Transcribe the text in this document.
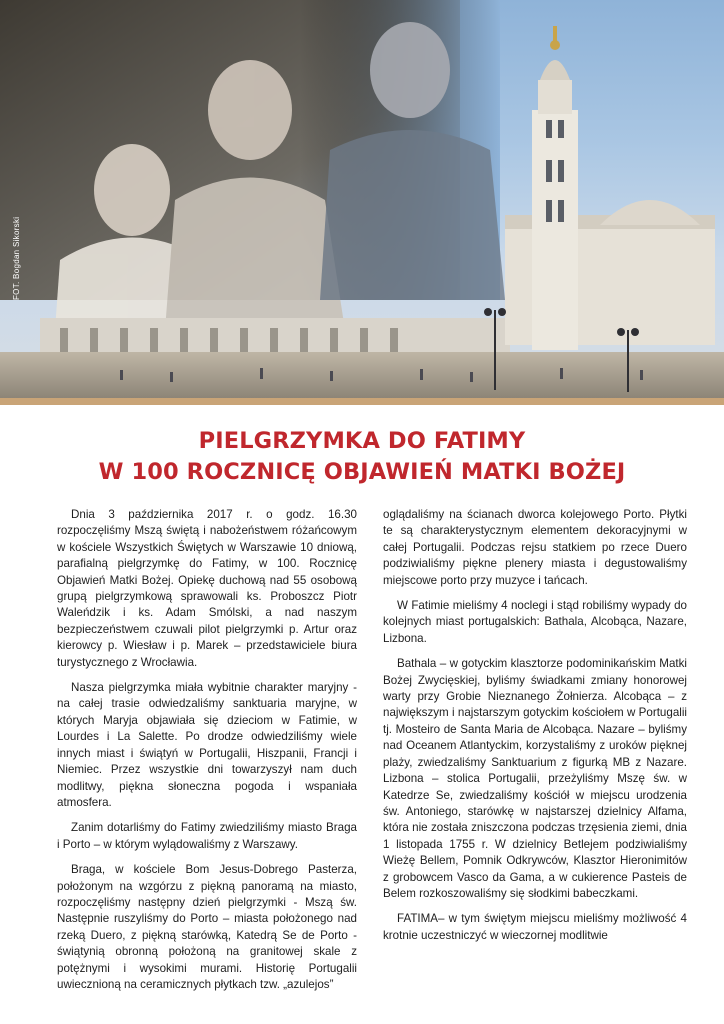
FOT. Bogdan Sikorski
PIELGRZYMKA DO FATIMY
W 100 ROCZNICĘ OBJAWIEŃ MATKI BOŻEJ

Dnia 3 października 2017 r. o godz. 16.30 rozpoczęliśmy Mszą świętą i nabożeństwem różańcowym w kościele Wszystkich Świętych w Warszawie 10 dniową, parafialną pielgrzymkę do Fatimy, w 100. Rocznicę Objawień Matki Bożej. Opiekę duchową nad 55 osobową grupą pielgrzymkową sprawowali ks. Proboszcz Piotr Waleńdzik i ks. Adam Smólski, a nad naszym bezpieczeństwem czuwali pilot pielgrzymki p. Artur oraz kierowcy p. Wiesław i p. Marek – przedstawiciele biura turystycznego z Wrocławia.

Nasza pielgrzymka miała wybitnie charakter maryjny - na całej trasie odwiedzaliśmy sanktuaria maryjne, w których Maryja objawiała się dzieciom w Fatimie, w Lourdes i La Salette. Po drodze odwiedziliśmy wiele innych miast i świątyń w Portugalii, Hiszpanii, Francji i Niemiec. Przez wszystkie dni towarzyszył nam duch modlitwy, piękna słoneczna pogoda i wspaniała atmosfera.

Zanim dotarliśmy do Fatimy zwiedziliśmy miasto Braga i Porto – w którym wylądowaliśmy z Warszawy.

Braga, w kościele Bom Jesus-Dobrego Pasterza, położonym na wzgórzu z piękną panoramą na miasto, rozpoczęliśmy następny dzień pielgrzymki - Mszą św. Następnie ruszyliśmy do Porto – miasta położonego nad rzeką Duero, z piękną starówką, Katedrą Se de Porto - świątynią obronną położoną na granitowej skale z potężnymi i wysokimi murami. Historię Portugalii uwiecznioną na ceramicznych płytkach tzw. „azulejos”

oglądaliśmy na ścianach dworca kolejowego Porto. Płytki te są charakterystycznym elementem dekoracyjnymi w całej Portugalii. Podczas rejsu statkiem po rzece Duero podziwialiśmy piękne plenery miasta i degustowaliśmy miejscowe porto przy muzyce i tańcach.

W Fatimie mieliśmy 4 noclegi i stąd robiliśmy wypady do kolejnych miast portugalskich: Bathala, Alcobąca, Nazare, Lizbona.

Bathala – w gotyckim klasztorze podominikańskim Matki Bożej Zwycięskiej, byliśmy świadkami zmiany honorowej warty przy Grobie Nieznanego Żołnierza. Alcobąca – z największym i najstarszym gotyckim kościołem w Portugalii tj. Mosteiro de Santa Maria de Alcobąca. Nazare – byliśmy nad Oceanem Atlantyckim, korzystaliśmy z uroków pięknej plaży, zwiedzaliśmy Sanktuarium z figurką MB z Nazare. Lizbona – stolica Portugalii, przeżyliśmy Mszę św. w Katedrze Se, zwiedzaliśmy kościół w miejscu urodzenia św. Antoniego, starówkę w najstarszej dzielnicy Alfama, która nie została zniszczona podczas trzęsienia ziemi, dnia 1 listopada 1755 r. W dzielnicy Betlejem podziwialiśmy Wieżę Bellem, Pomnik Odkrywców, Klasztor Hieronimitów z grobowcem Vasco da Gama, a w cukierence Pasteis de Belem rozkoszowaliśmy się słodkimi babeczkami.

FATIMA– w tym świętym miejscu mieliśmy możliwość 4 krotnie uczestniczyć w wieczornej modlitwie
